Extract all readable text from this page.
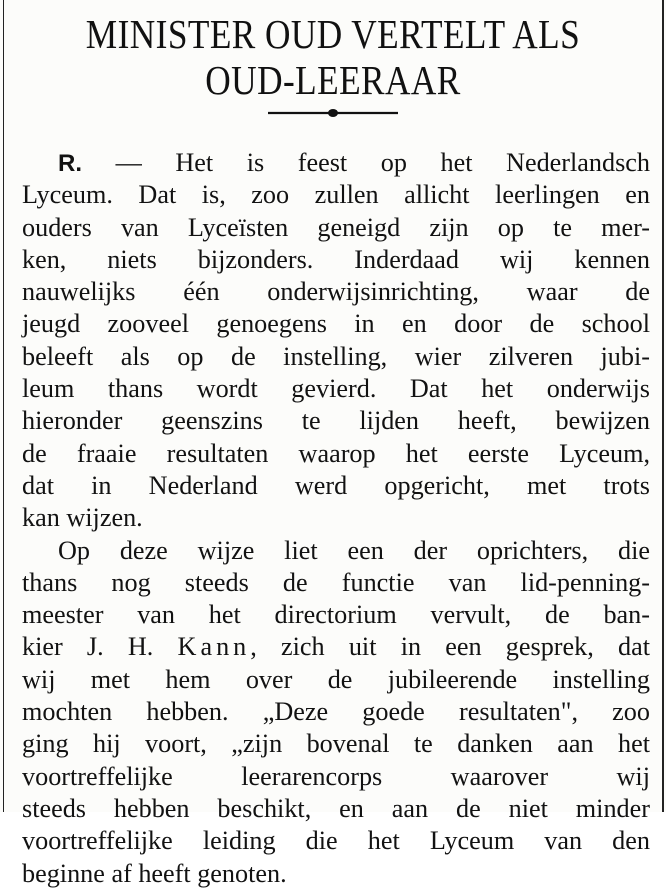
MINISTER OUD VERTELT ALS
OUD-LEERAAR
R. — Het is feest op het Nederlandsch
Lyceum. Dat is, zoo zullen allicht leerlingen en
ouders van Lyceïsten geneigd zijn op te mer-
ken, niets bijzonders. Inderdaad wij kennen
nauwelijks één onderwijsinrichting, waar de
jeugd zooveel genoegens in en door de school
beleeft als op de instelling, wier zilveren jubi-
leum thans wordt gevierd. Dat het onderwijs
hieronder geenszins te lijden heeft, bewijzen
de fraaie resultaten waarop het eerste Lyceum,
dat in Nederland werd opgericht, met trots
kan wijzen.
Op deze wijze liet een der oprichters, die
thans nog steeds de functie van lid-penning-
meester van het directorium vervult, de ban-
kier J. H. Kann, zich uit in een gesprek, dat
wij met hem over de jubileerende instelling
mochten hebben. „Deze goede resultaten", zoo
ging hij voort, „zijn bovenal te danken aan het
voortreffelijke leerarencorps waarover wij
steeds hebben beschikt, en aan de niet minder
voortreffelijke leiding die het Lyceum van den
beginne af heeft genoten.
